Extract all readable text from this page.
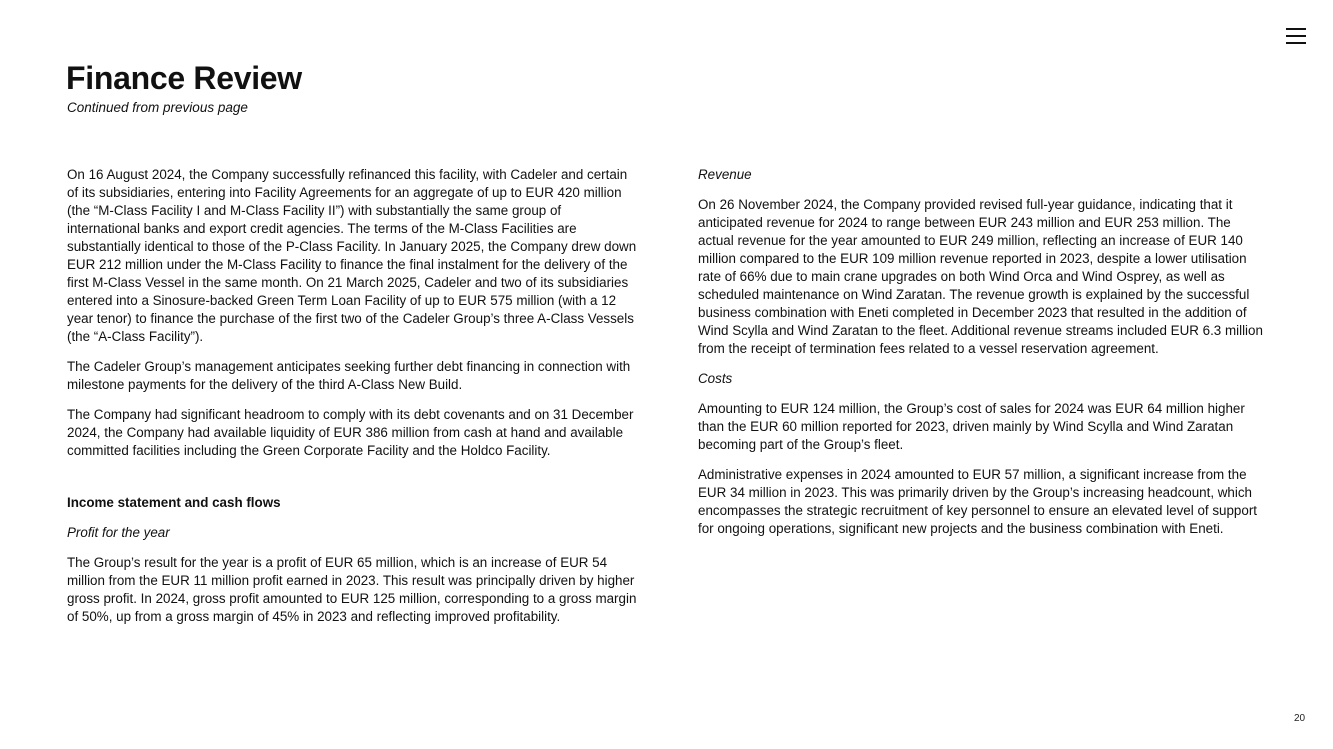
Finance Review

Continued from previous page

On 16 August 2024, the Company successfully refinanced this facility, with Cadeler and certain of its subsidiaries, entering into Facility Agreements for an aggregate of up to EUR 420 million (the “M-Class Facility I and M-Class Facility II”) with substantially the same group of international banks and export credit agencies. The terms of the M-Class Facilities are substantially identical to those of the P-Class Facility. In January 2025, the Company drew down EUR 212 million under the M-Class Facility to finance the final instalment for the delivery of the first M-Class Vessel in the same month. On 21 March 2025, Cadeler and two of its subsidiaries entered into a Sinosure-backed Green Term Loan Facility of up to EUR 575 million (with a 12 year tenor) to finance the purchase of the first two of the Cadeler Group’s three A-Class Vessels (the “A-Class Facility”).

The Cadeler Group’s management anticipates seeking further debt financing in connection with milestone payments for the delivery of the third A-Class New Build.

The Company had significant headroom to comply with its debt covenants and on 31 December 2024, the Company had available liquidity of EUR 386 million from cash at hand and available committed facilities including the Green Corporate Facility and the Holdco Facility.

Income statement and cash flows

Profit for the year

The Group’s result for the year is a profit of EUR 65 million, which is an increase of EUR 54 million from the EUR 11 million profit earned in 2023. This result was principally driven by higher gross profit. In 2024, gross profit amounted to EUR 125 million, corresponding to a gross margin of 50%, up from a gross margin of 45% in 2023 and reflecting improved profitability.

Revenue

On 26 November 2024, the Company provided revised full-year guidance, indicating that it anticipated revenue for 2024 to range between EUR 243 million and EUR 253 million. The actual revenue for the year amounted to EUR 249 million, reflecting an increase of EUR 140 million compared to the EUR 109 million revenue reported in 2023, despite a lower utilisation rate of 66% due to main crane upgrades on both Wind Orca and Wind Osprey, as well as scheduled maintenance on Wind Zaratan. The revenue growth is explained by the successful business combination with Eneti completed in December 2023 that resulted in the addition of Wind Scylla and Wind Zaratan to the fleet. Additional revenue streams included EUR 6.3 million from the receipt of termination fees related to a vessel reservation agreement.

Costs

Amounting to EUR 124 million, the Group’s cost of sales for 2024 was EUR 64 million higher than the EUR 60 million reported for 2023, driven mainly by Wind Scylla and Wind Zaratan becoming part of the Group’s fleet.

Administrative expenses in 2024 amounted to EUR 57 million, a significant increase from the EUR 34 million in 2023. This was primarily driven by the Group’s increasing headcount, which encompasses the strategic recruitment of key personnel to ensure an elevated level of support for ongoing operations, significant new projects and the business combination with Eneti.

20
